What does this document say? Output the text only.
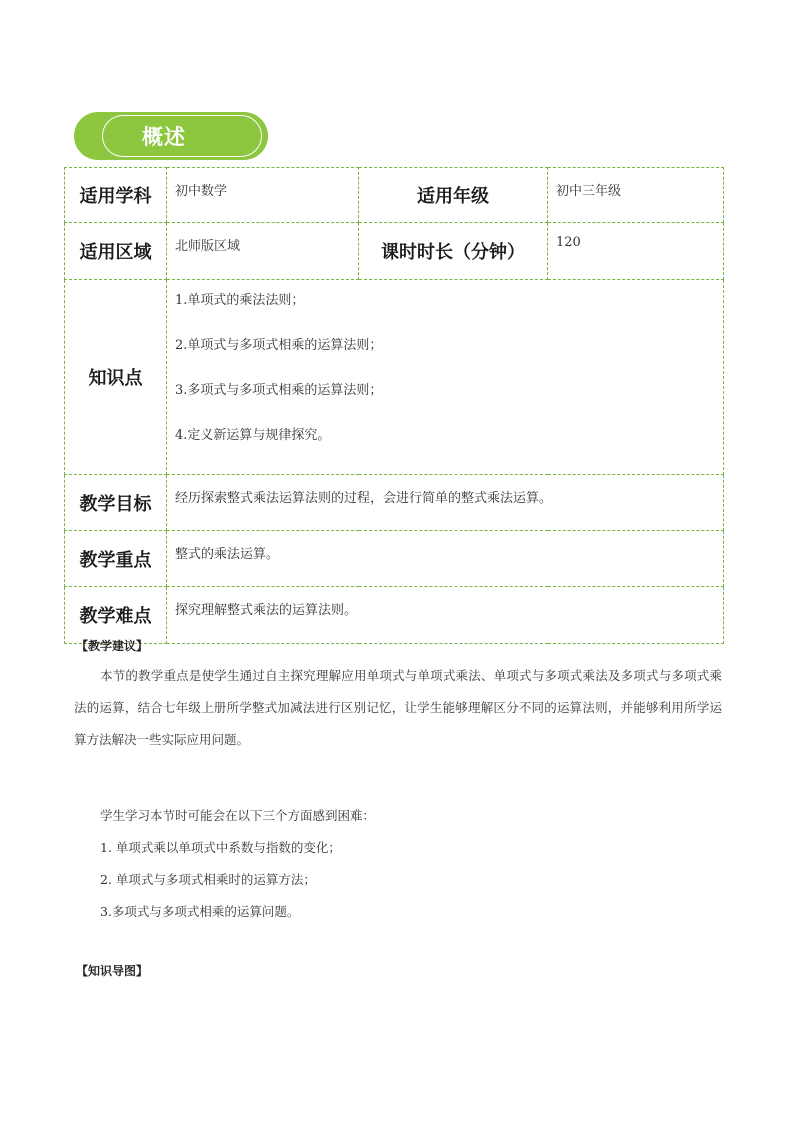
概述
适用学科	初中数学	适用年级	初中三年级
适用区域	北师版区域	课时时长（分钟）	120
知识点	1.单项式的乘法法则；
2.单项式与多项式相乘的运算法则；
3.多项式与多项式相乘的运算法则；
4.定义新运算与规律探究。		

教学目标	经历探索整式乘法运算法则的过程，会进行简单的整式乘法运算。		
教学重点	整式的乘法运算。		
教学难点	探究理解整式乘法的运算法则。		
【教学建议】
本节的教学重点是使学生通过自主探究理解应用单项式与单项式乘法、单项式与多项式乘法及多项式与多项式乘法的运算，结合七年级上册所学整式加减法进行区别记忆，让学生能够理解区分不同的运算法则，并能够利用所学运算方法解决一些实际应用问题。
学生学习本节时可能会在以下三个方面感到困难：
1. 单项式乘以单项式中系数与指数的变化；
2. 单项式与多项式相乘时的运算方法；
3.多项式与多项式相乘的运算问题。
【知识导图】
